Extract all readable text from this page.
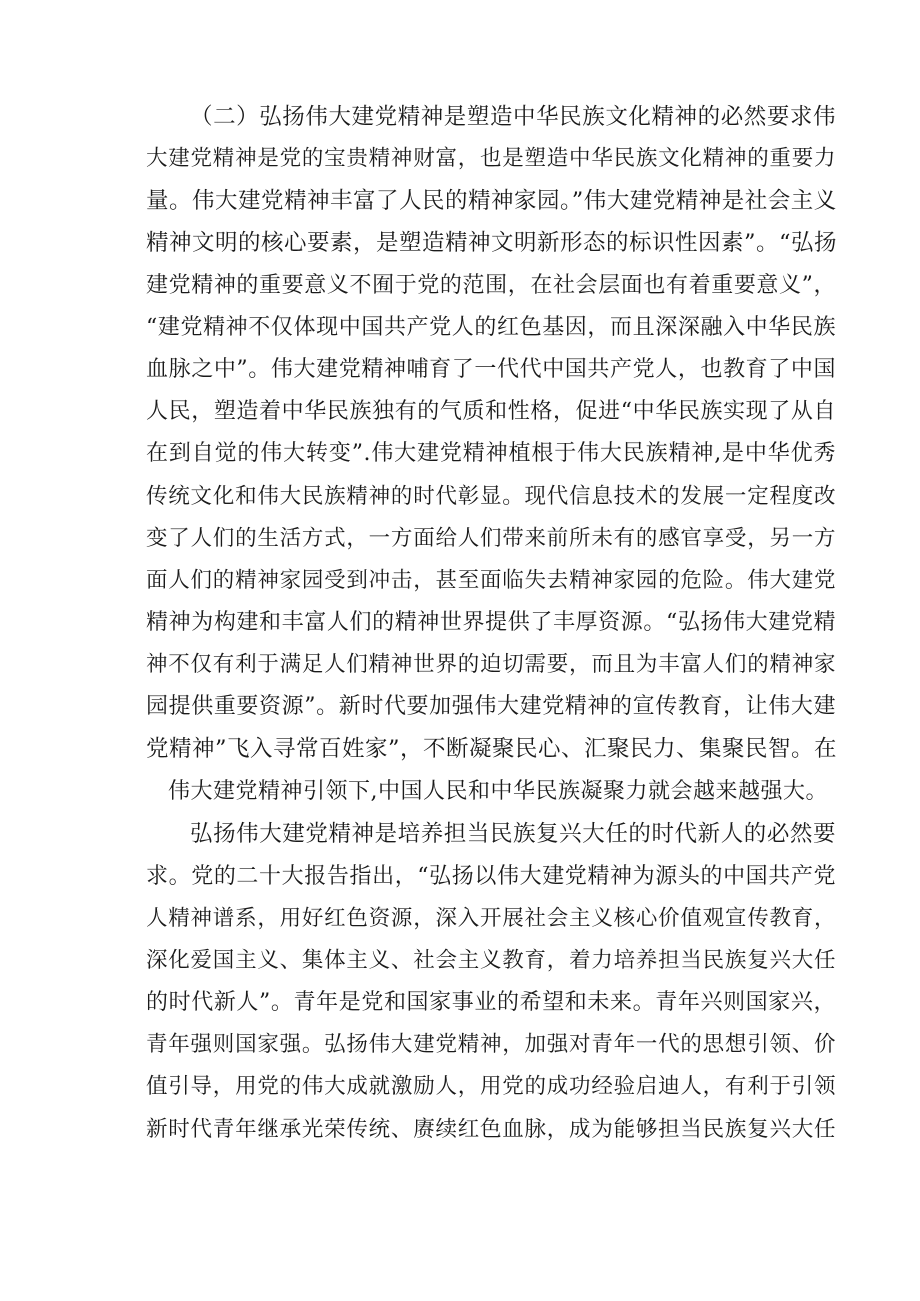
（二）弘扬伟大建党精神是塑造中华民族文化精神的必然要求伟
大建党精神是党的宝贵精神财富，也是塑造中华民族文化精神的重要力
量。伟大建党精神丰富了人民的精神家园。”伟大建党精神是社会主义
精神文明的核心要素，是塑造精神文明新形态的标识性因素”。“弘扬
建党精神的重要意义不囿于党的范围，在社会层面也有着重要意义”，
“建党精神不仅体现中国共产党人的红色基因，而且深深融入中华民族
血脉之中”。伟大建党精神哺育了一代代中国共产党人，也教育了中国
人民，塑造着中华民族独有的气质和性格，促进“中华民族实现了从自
在到自觉的伟大转变”.伟大建党精神植根于伟大民族精神,是中华优秀
传统文化和伟大民族精神的时代彰显。现代信息技术的发展一定程度改
变了人们的生活方式，一方面给人们带来前所未有的感官享受，另一方
面人们的精神家园受到冲击，甚至面临失去精神家园的危险。伟大建党
精神为构建和丰富人们的精神世界提供了丰厚资源。“弘扬伟大建党精
神不仅有利于满足人们精神世界的迫切需要，而且为丰富人们的精神家
园提供重要资源”。新时代要加强伟大建党精神的宣传教育，让伟大建
党精神”飞入寻常百姓家”，不断凝聚民心、汇聚民力、集聚民智。在
伟大建党精神引领下,中国人民和中华民族凝聚力就会越来越强大。
弘扬伟大建党精神是培养担当民族复兴大任的时代新人的必然要
求。党的二十大报告指出，“弘扬以伟大建党精神为源头的中国共产党
人精神谱系，用好红色资源，深入开展社会主义核心价值观宣传教育，
深化爱国主义、集体主义、社会主义教育，着力培养担当民族复兴大任
的时代新人”。青年是党和国家事业的希望和未来。青年兴则国家兴，
青年强则国家强。弘扬伟大建党精神，加强对青年一代的思想引领、价
值引导，用党的伟大成就激励人，用党的成功经验启迪人，有利于引领
新时代青年继承光荣传统、赓续红色血脉，成为能够担当民族复兴大任
